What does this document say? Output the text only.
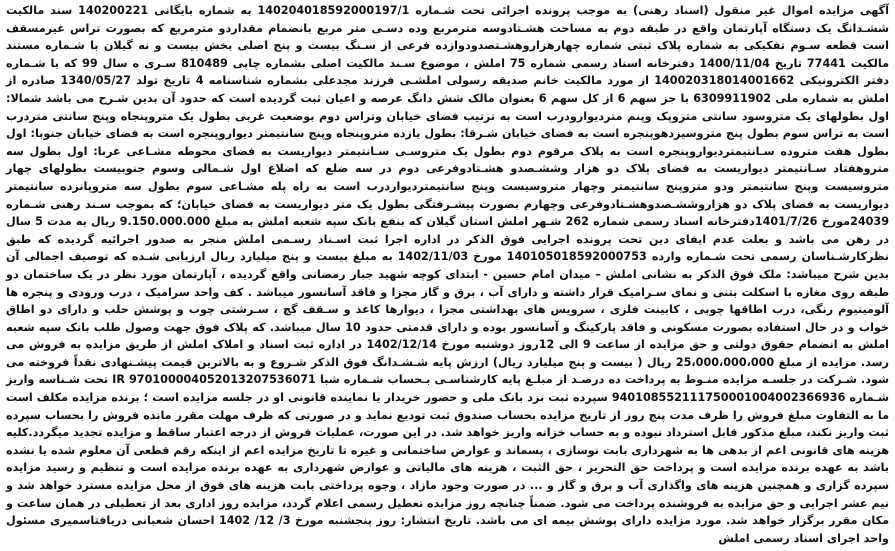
آگهی مزایده اموال غیر منقول (اسناد رهنی) به موجب پرونده اجرائی تحت شـماره 140204018592000197/1 به شماره بایگانی 140200221 سند مالکیت ششـدانگ یک دستگاه آپارتمان واقع در طبقه دوم به مساحت هشـتادوسه مترمربع وده دسـی متر مربع بانضمام مقداردو مترمربع که بصورت تراس غیرمسقف است قطعه سـوم تفکیکی به شماره پلاک ثبتی شماره چهارهزاروهشـتصدودوازده فرعی از سـنگ بیست و پنج اصلی بخش بیست و نه گیلان با شـماره مستند مالکیت 77441 تاریخ 1400/11/04 دفترخانه اسناد رسمی شماره 75 املش ، موضوع سـند مالکیت اصلی بشماره چاپی 810489 سـری ه سال 99 که با شـماره دفتر الکترونیکی 140020318014001662 از مورد مالکیت خانم صدیقه رسولی املشـی فرزند مجدعلی بشماره شناسنامه 4 تاریخ تولد 1340/05/27 صادره از املش به شماره ملی 6309911902 با جز سهم 6 از کل سهم 6 بعنوان مالک شش دانگ عرصه و اعیان ثبت گردیده است که حدود آن بدین شـرح می باشد شمالا: اول بطولهای یک متروسود سانتی متروپک وپنم متردیوارودرب است به ترتیب فضای خیابان وتراس دوم بوضعیت غربی بطول یک متروپنجاه وپنج سانتی متردرب است به تراس سوم بطول پنج متروسیزدهوپنجره است به فضای خیابان شـرقا: بطول یازده متروپنجاه وپنج سانتیمتر دیواروپنجره است به فضای خیابان جنوبا: اول بطول هفت متروده سـانتیمتردیواروپنجره است به پلاک مرقوم دوم بطول یک متروسـی سـانتیمتر دیواریست به فضای محوطه مشـاعی غربا: اول بطول سه متروهفتاد سـانتیمتر دیواریست به فضای پلاک دو هزار وششـصدو هشـتادوفرعی دوم در سه ضلع که اضلاع اول شـمالی وسوم جنوبیست بطولهای چهار متروسیست وپنج سانتیمتر ودو متروپنج سانتیمتر وچهار متروسیست وپنج سانتیمتردیواردرب است به راه پله مشـاعی سوم بطول سه متروپانزده سانتیمتر دیواریست به فضای پلاک دو هزاروششـصدوهشـتادوفرعی وچهارم بصورت پیشـرفتگی بطول یک متر دیواریست به فضای خیابان؛ که بموجب سـند رهنی شـماره 24039مورخ 1401/7/26دفترخانه اسناد رسمی شماره 262 شـهر املش استان گیلان که بنفع بانک سپه شعبه املش به مبلغ 9.150.000.000 ریال به مدت 5 سال در رهن می باشد و بعلت عدم ایفای دین تحت پرونده اجرایی فوق الذکر در اداره اجرا ثبت اسـناد رسـمی املش منجر به صدور اجرائیه گردیده که طبق نظرکارشـناسان رسمی تحت شـماره وارده 140105018592000753 مورخ 1402/11/03 به مبلغ بیست و پنج میلیارد ریال ارزیابی شـده که توصیف اجمالی آن بدین شرح میباشد: ملک فوق الذکر به نشانی املش – میدان امام حسین - ابتدای کوچه شهید جبار رمضانی واقع گردیده ، آپارتمان مورد نظر در یک ساختمان دو طبقه روی مغازه با اسکلت بتنی و نمای سـرامیک قرار داشته و دارای آب ، برق و گاز مجزا و فاقد آسانسور میباشد . کف واحد سرامیک ، درب ورودی و پنجره ها آلومینیوم رنگی، درب اطاقها چوبی ، کابینت فلزی ، سرویس های بهداشتی مجزا ، دیوارها کاغذ و سـقف گچ ، سـرشتی چوب و پوشش حلب و دارای دو اطاق خواب و در حال استفاده بصورت مسکونی و فاقد پارکینگ و آسانسور بوده و دارای قدمتی حدود 10 سال میباشد. که پلاک فوق جهت وصول طلب بانک سپه شعبه املش به انضمام حقوق دولتی و حق مزایده از ساعت 9 الی 12روز دوشنبه مورخ 1402/12/14 در اداره ثبت اسناد و املاک املش از طریق مزایده به فروش می رسد. مزایده از مبلغ 25،000،000،000 ریال ( بیست و پنج میلیارد ریال) ارزش پایه شـشـدانگ فوق الذکر شـروع و به بالاترین قیمت پیشـنهادی نقداً فروخته می شود. شـرکت در جلسـه مزایده منـوط به پرداخت ده درصـد از مبلـغ پایه کارشناسـی بـحساب شـماره شبا IR 970100004052013207536071 تحت شـناسه واریز شـماره 940108552111750001004002366936 سپرده ثبت نزد بانک ملی و حضور خریدار یا نماینده قانونی او در جلسه مزایده است ؛ برنده مزایده مکلف است ما به التفاوت مبلغ فروش را ظرف مدت پنج روز از تاریخ مزایده بحساب صندوق ثبت تودیع نماید و در صورتی که ظرف مهلت مقرر مانده فروش را بحساب سپرده ثبت واریز نکند، مبلغ مذکور قابل استرداد نبوده و به حساب خزانه واریز خواهد شد. در این صورت، عملیات فروش از درجه اعتبار ساقط و مزایده تجدید میگردد.کلیه هزینه های قانونی اعم از بدهی ها به شهرداری بابت نوسازی ، پسماند و عوارض ساختمانی و غیره تا تاریخ مزایده اعم از اینکه رقم قطعی آن معلوم شده یا نشده باشد به عهده برنده مزایده است و پرداخت حق التحریر ، حق الثبت ، هزینه های مالیاتی و عوارض شهرداری به عهده برنده مزایده است و تنظیم و رسید مزایده سپرده گزاری و همچنین هزینه های واگذاری آب و برق و گاز و ... در صورت وجود مازاد ، وجوه پرداختی بابت هزینه های فوق از محل مزایده مسترد خواهد شد و نیم عشر اجرایی و حق مزایده به فروشنده پرداخت می شود. ضمناً چنانچه روز مزایده تعطیل رسمی اعلام گردد، مزایده روز اداری بعد از تعطیلی در همان ساعت و مکان مقرر برگزار خواهد شد. مورد مزایده دارای پوشش بیمه ای می باشد. تاریخ انتشار: روز پنجشنبه مورخ 3/ 12/ 1402 احسان شعبانی دریافتاسمیری مسئول واحد اجرای اسناد رسمی املش
